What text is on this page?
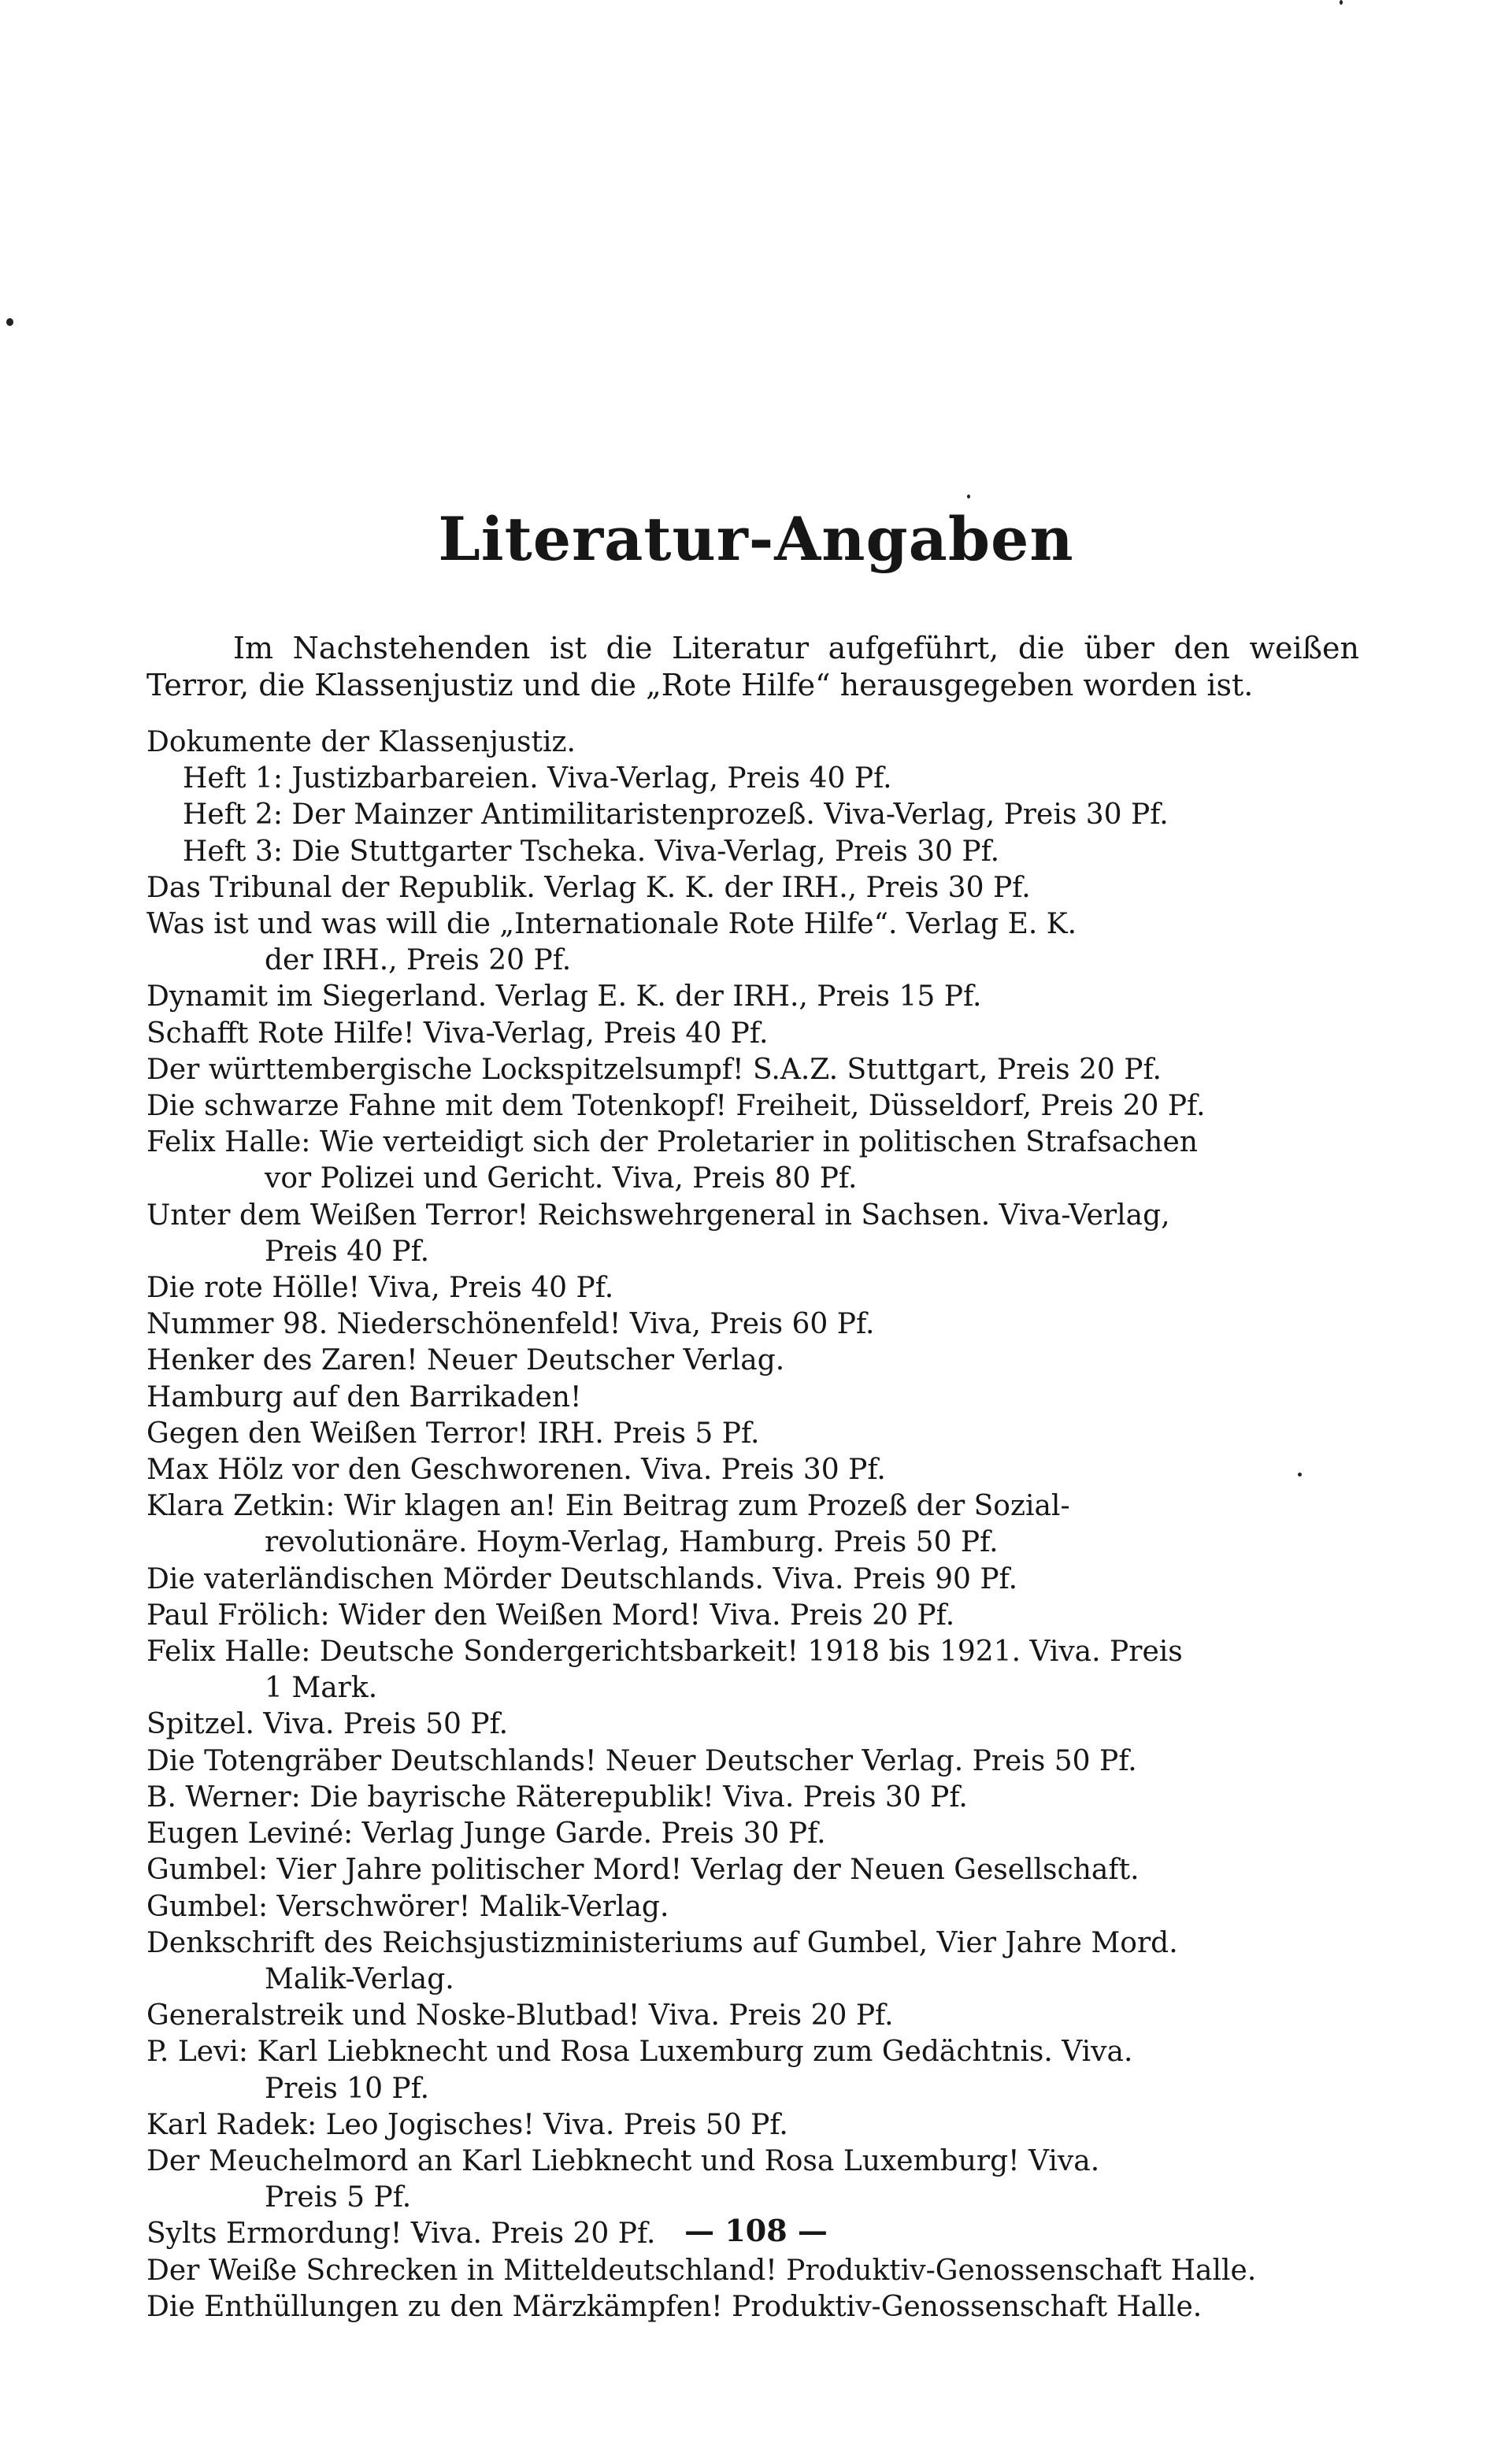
Literatur-Angaben

Im Nachstehenden ist die Literatur aufgeführt, die über den weißen Terror, die Klassenjustiz und die „Rote Hilfe“ herausgegeben worden ist.

Dokumente der Klassenjustiz.
Heft 1: Justizbarbareien. Viva-Verlag, Preis 40 Pf.
Heft 2: Der Mainzer Antimilitaristenprozeß. Viva-Verlag, Preis 30 Pf.
Heft 3: Die Stuttgarter Tscheka. Viva-Verlag, Preis 30 Pf.
Das Tribunal der Republik. Verlag K. K. der IRH., Preis 30 Pf.
Was ist und was will die „Internationale Rote Hilfe“. Verlag E. K.
der IRH., Preis 20 Pf.
Dynamit im Siegerland. Verlag E. K. der IRH., Preis 15 Pf.
Schafft Rote Hilfe! Viva-Verlag, Preis 40 Pf.
Der württembergische Lockspitzelsumpf! S.A.Z. Stuttgart, Preis 20 Pf.
Die schwarze Fahne mit dem Totenkopf! Freiheit, Düsseldorf, Preis 20 Pf.
Felix Halle: Wie verteidigt sich der Proletarier in politischen Strafsachen
vor Polizei und Gericht. Viva, Preis 80 Pf.
Unter dem Weißen Terror! Reichswehrgeneral in Sachsen. Viva-Verlag,
Preis 40 Pf.
Die rote Hölle! Viva, Preis 40 Pf.
Nummer 98. Niederschönenfeld! Viva, Preis 60 Pf.
Henker des Zaren! Neuer Deutscher Verlag.
Hamburg auf den Barrikaden!
Gegen den Weißen Terror! IRH. Preis 5 Pf.
Max Hölz vor den Geschworenen. Viva. Preis 30 Pf.
Klara Zetkin: Wir klagen an! Ein Beitrag zum Prozeß der Sozial-
revolutionäre. Hoym-Verlag, Hamburg. Preis 50 Pf.
Die vaterländischen Mörder Deutschlands. Viva. Preis 90 Pf.
Paul Frölich: Wider den Weißen Mord! Viva. Preis 20 Pf.
Felix Halle: Deutsche Sondergerichtsbarkeit! 1918 bis 1921. Viva. Preis
1 Mark.
Spitzel. Viva. Preis 50 Pf.
Die Totengräber Deutschlands! Neuer Deutscher Verlag. Preis 50 Pf.
B. Werner: Die bayrische Räterepublik! Viva. Preis 30 Pf.
Eugen Leviné: Verlag Junge Garde. Preis 30 Pf.
Gumbel: Vier Jahre politischer Mord! Verlag der Neuen Gesellschaft.
Gumbel: Verschwörer! Malik-Verlag.
Denkschrift des Reichsjustizministeriums auf Gumbel, Vier Jahre Mord.
Malik-Verlag.
Generalstreik und Noske-Blutbad! Viva. Preis 20 Pf.
P. Levi: Karl Liebknecht und Rosa Luxemburg zum Gedächtnis. Viva.
Preis 10 Pf.
Karl Radek: Leo Jogisches! Viva. Preis 50 Pf.
Der Meuchelmord an Karl Liebknecht und Rosa Luxemburg! Viva.
Preis 5 Pf.
Sylts Ermordung! Viva. Preis 20 Pf.
Der Weiße Schrecken in Mitteldeutschland! Produktiv-Genossenschaft Halle.
Die Enthüllungen zu den Märzkämpfen! Produktiv-Genossenschaft Halle.
— 108 —
